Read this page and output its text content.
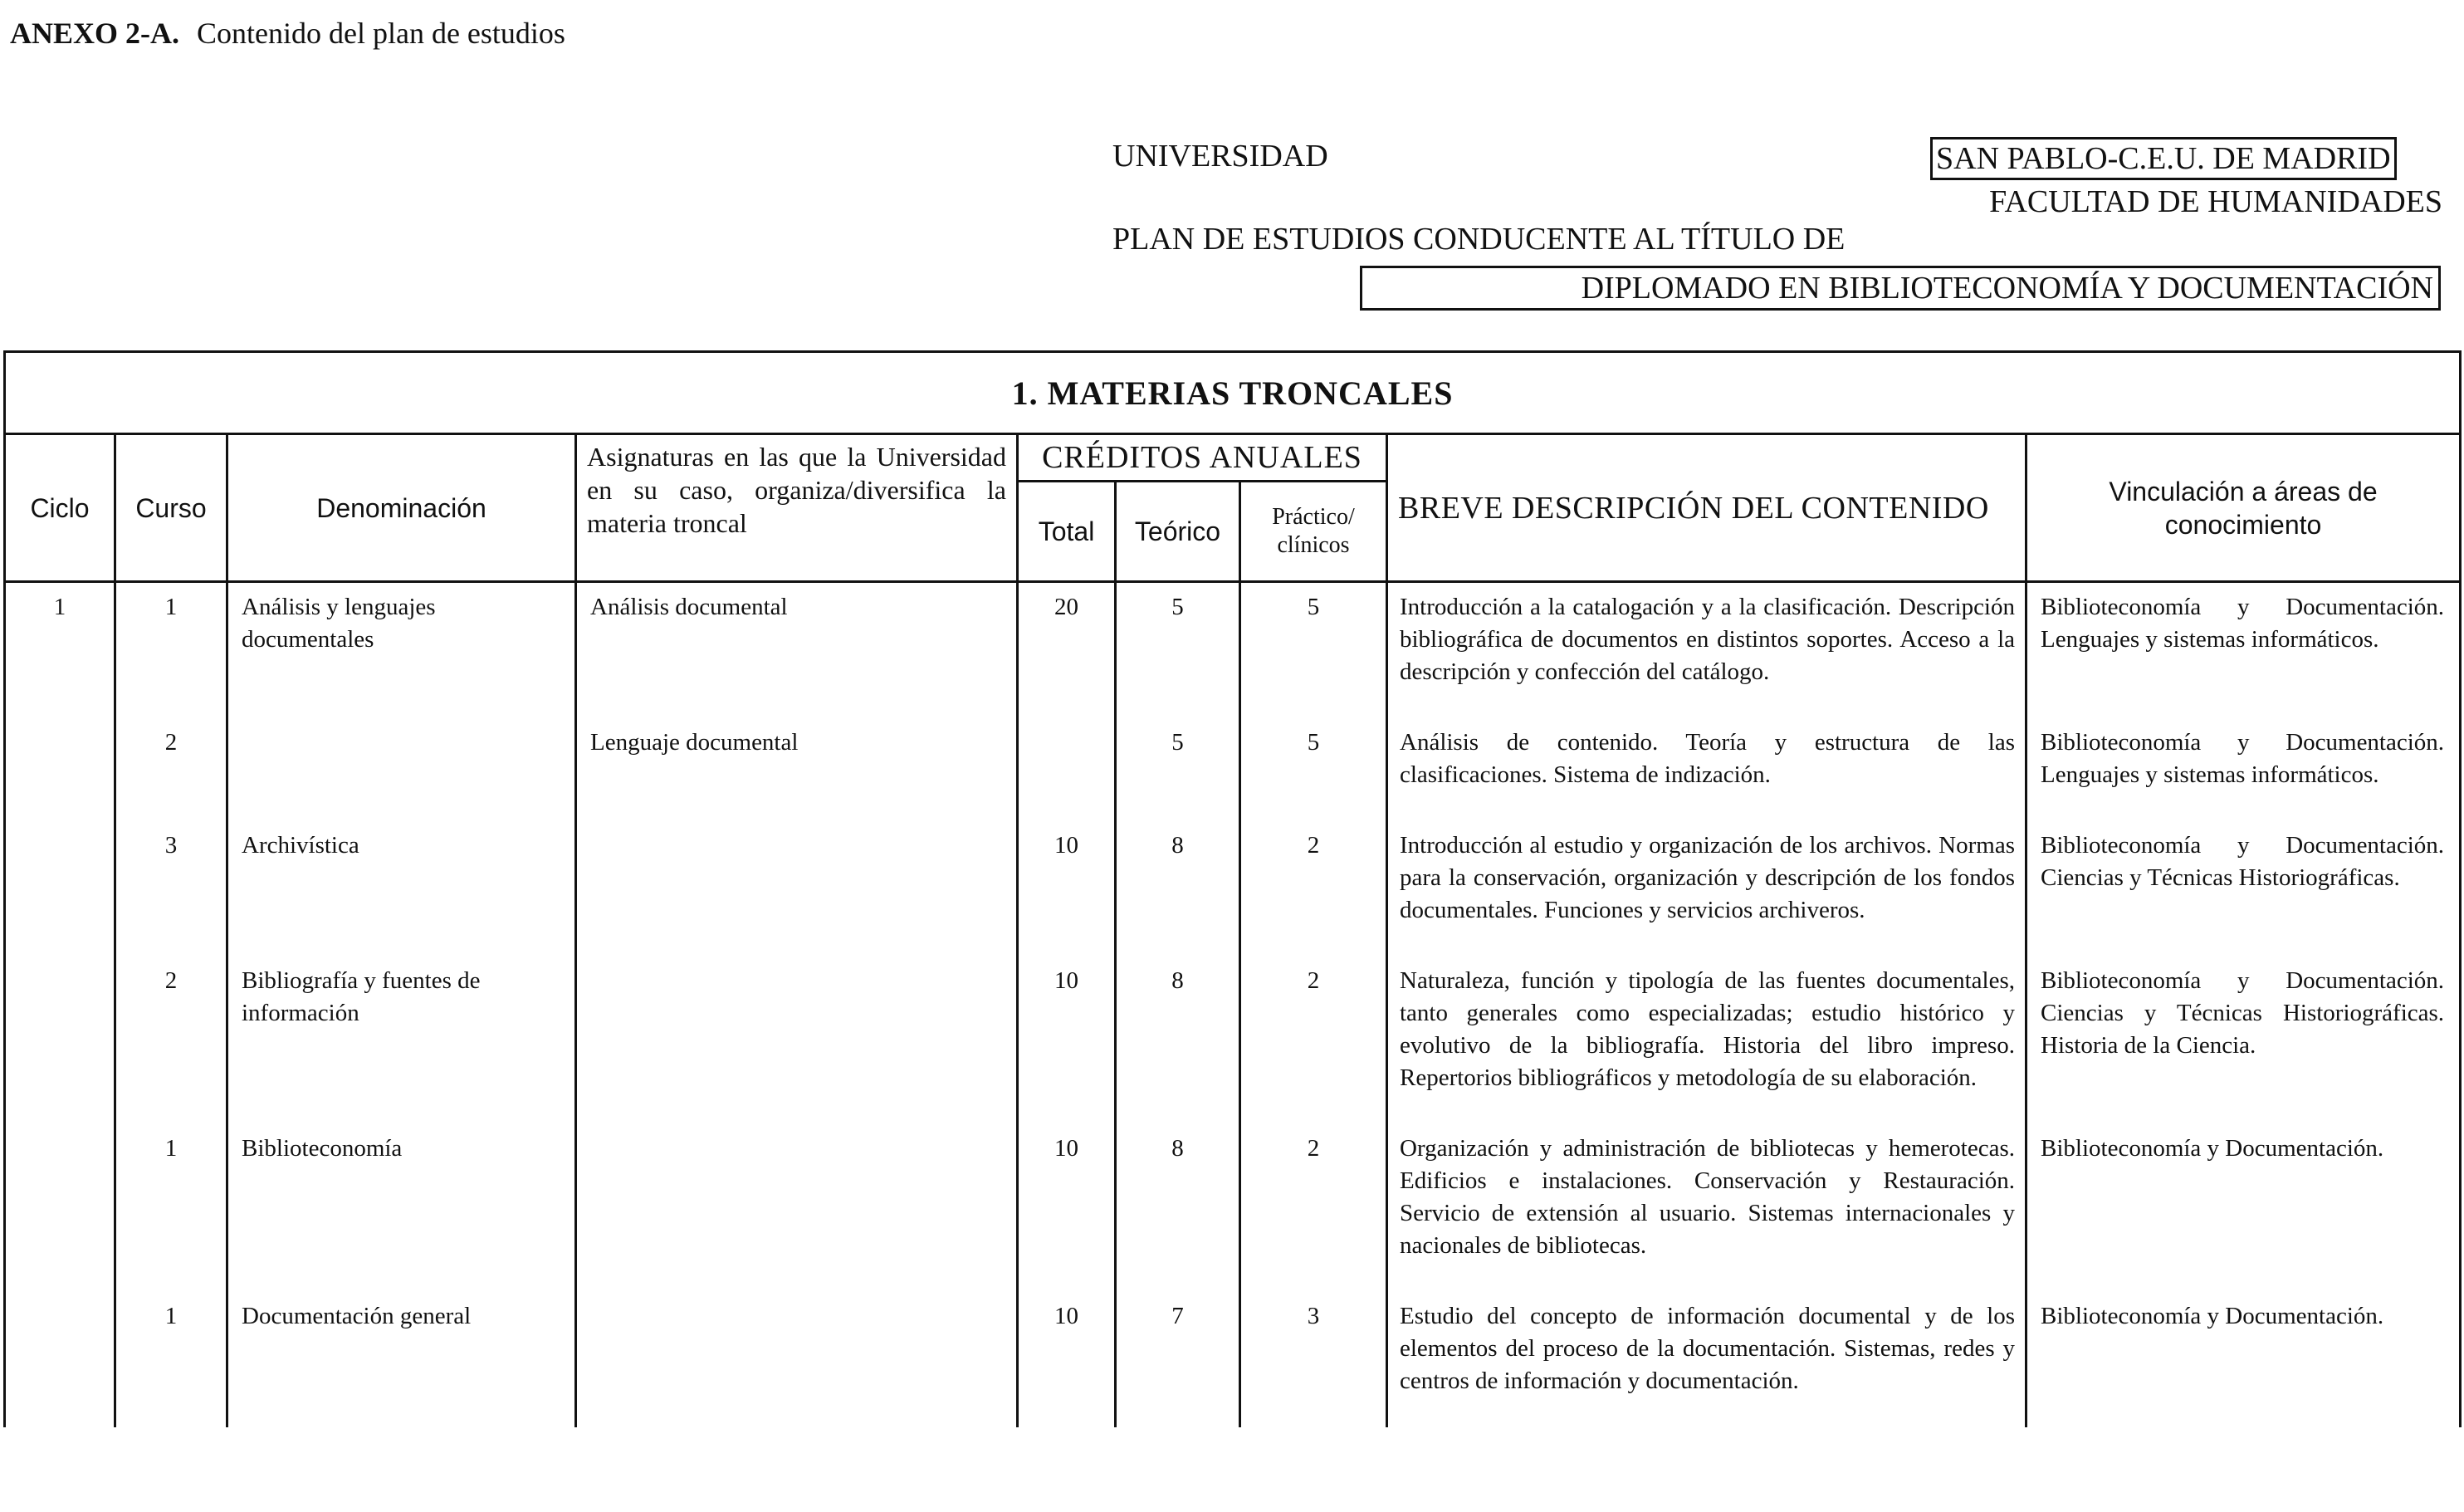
ANEXO 2-A. Contenido del plan de estudios
UNIVERSIDAD	SAN PABLO-C.E.U. DE MADRID
FACULTAD DE HUMANIDADES
PLAN DE ESTUDIOS CONDUCENTE AL TÍTULO DE
DIPLOMADO EN BIBLIOTECONOMÍA Y DOCUMENTACIÓN
1. MATERIAS TRONCALES								
Ciclo	Curso	Denominación	Asignaturas en las que la Universidad en su caso, organiza/diversifica la materia troncal	CRÉDITOS ANUALES			BREVE DESCRIPCIÓN DEL CONTENIDO	Vinculación a áreas de conocimiento
				Total	Teórico	Práctico/ clínicos		
1	1	Análisis y lenguajes documentales	Análisis documental	20	5	5	Introducción a la catalogación y a la clasificación. Descripción bibliográfica de documentos en distintos soportes. Acceso a la descripción y confección del catálogo.	Biblioteconomía y Documentación. Lenguajes y sistemas informáticos.
	2		Lenguaje documental		5	5	Análisis de contenido. Teoría y estructura de las clasificaciones. Sistema de indización.	Biblioteconomía y Documentación. Lenguajes y sistemas informáticos.
	3	Archivística		10	8	2	Introducción al estudio y organización de los archivos. Normas para la conservación, organización y descripción de los fondos documentales. Funciones y servicios archiveros.	Biblioteconomía y Documentación. Ciencias y Técnicas Historiográficas.
	2	Bibliografía y fuentes de información		10	8	2	Naturaleza, función y tipología de las fuentes documentales, tanto generales como especializadas; estudio histórico y evolutivo de la bibliografía. Historia del libro impreso. Repertorios bibliográficos y metodología de su elaboración.	Biblioteconomía y Documentación. Ciencias y Técnicas Historiográficas. Historia de la Ciencia.
	1	Biblioteconomía		10	8	2	Organización y administración de bibliotecas y hemerotecas. Edificios e instalaciones. Conservación y Restauración. Servicio de extensión al usuario. Sistemas internacionales y nacionales de bibliotecas.	Biblioteconomía y Documentación.
	1	Documentación general		10	7	3	Estudio del concepto de información documental y de los elementos del proceso de la documentación. Sistemas, redes y centros de información y documentación.	Biblioteconomía y Documentación.
